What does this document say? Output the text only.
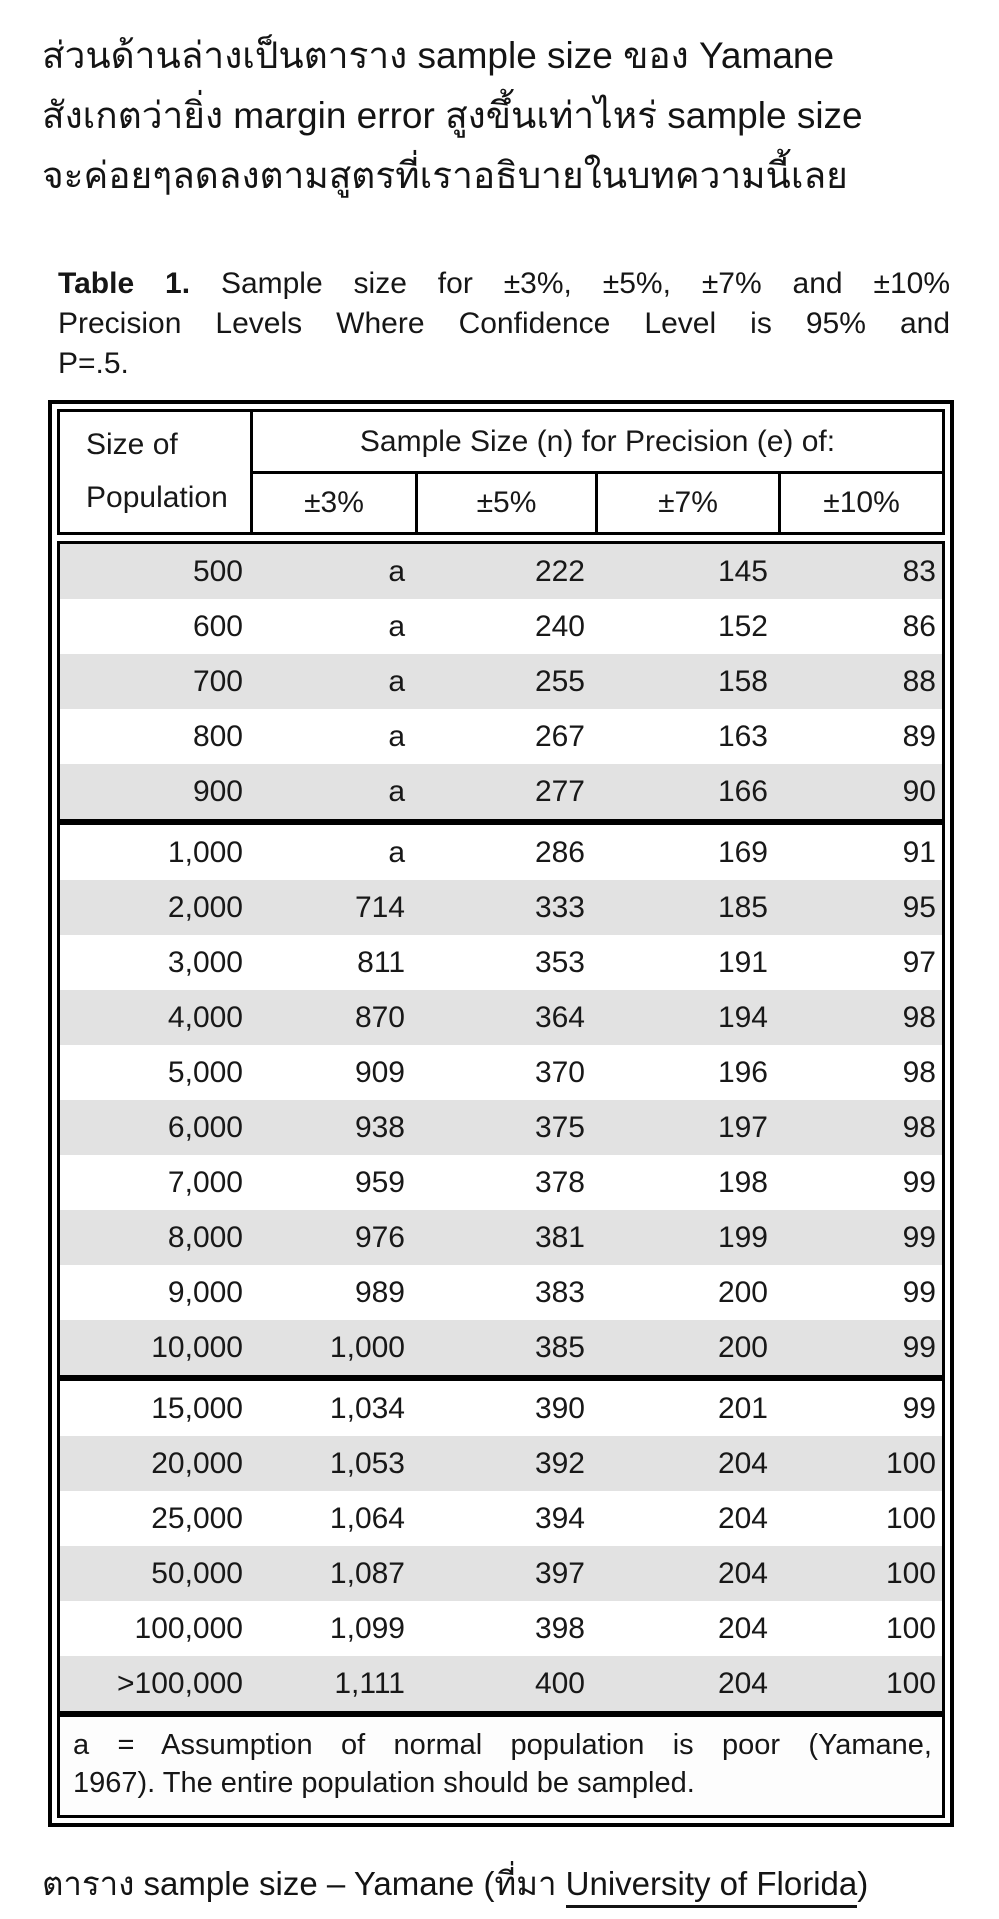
ส่วนด้านล่างเป็นตาราง sample size ของ Yamane
สังเกตว่ายิ่ง margin error สูงขึ้นเท่าไหร่ sample size
จะค่อยๆลดลงตามสูตรที่เราอธิบายในบทความนี้เลย
Table 1. Sample size for ±3%, ±5%, ±7% and ±10%
Precision Levels Where Confidence Level is 95% and
P=.5.
Size of
Population
Sample Size (n) for Precision (e) of:
±3%	±5%	±7%	±10%
500	a	222	145	83
600	a	240	152	86
700	a	255	158	88
800	a	267	163	89
900	a	277	166	90
1,000	a	286	169	91
2,000	714	333	185	95
3,000	811	353	191	97
4,000	870	364	194	98
5,000	909	370	196	98
6,000	938	375	197	98
7,000	959	378	198	99
8,000	976	381	199	99
9,000	989	383	200	99
10,000	1,000	385	200	99
15,000	1,034	390	201	99
20,000	1,053	392	204	100
25,000	1,064	394	204	100
50,000	1,087	397	204	100
100,000	1,099	398	204	100
>100,000	1,111	400	204	100
a = Assumption of normal population is poor (Yamane,
1967). The entire population should be sampled.
ตาราง sample size – Yamane (ที่มา University of Florida)
